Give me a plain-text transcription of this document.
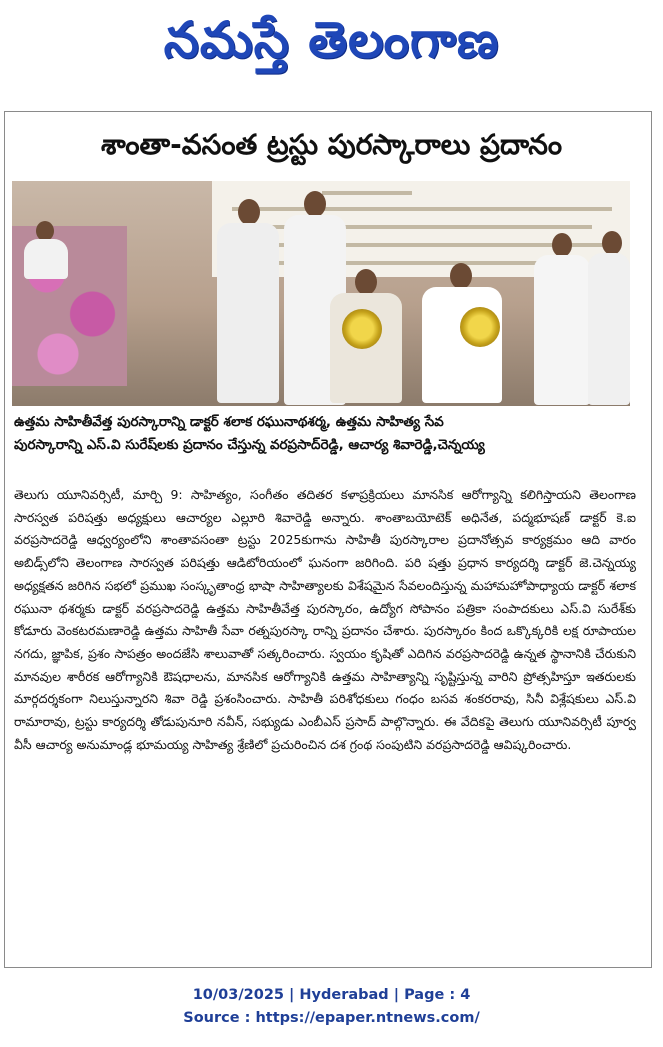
నమస్తే తెలంగాణ
శాంతా-వసంత ట్రస్టు పురస్కారాలు ప్రదానం
ఉత్తమ సాహితీవేత్త పురస్కారాన్ని డాక్టర్ శలాక రఘునాథశర్మ, ఉత్తమ సాహిత్య సేవ
పురస్కారాన్ని ఎస్.వి సురేష్‌లకు ప్రదానం చేస్తున్న వరప్రసాద్‌రెడ్డి, ఆచార్య శివారెడ్డి,చెన్నయ్య
తెలుగు యూనివర్సిటీ, మార్చి 9: సాహిత్యం, సంగీతం తదితర కళాప్రక్రియలు మానసిక ఆరోగ్యాన్ని కలిగిస్తాయని తెలంగాణ సారస్వత పరిషత్తు అధ్యక్షులు ఆచార్యల ఎల్లూరి శివారెడ్డి అన్నారు. శాంతాబయోటెక్ అధినేత, పద్మభూషణ్ డాక్టర్ కె.ఐ వరప్రసాదరెడ్డి ఆధ్వర్యంలోని శాంతావసంతా ట్రస్టు 2025కుగాను సాహితీ పురస్కారాల ప్రదానోత్సవ కార్యక్రమం ఆది వారం అబిడ్స్‌లోని తెలంగాణ సారస్వత పరిషత్తు ఆడిటోరియంలో ఘనంగా జరిగింది. పరి షత్తు ప్రధాన కార్యదర్శి డాక్టర్ జె.చెన్నయ్య అధ్యక్షతన జరిగిన సభలో ప్రముఖ సంస్కృతాంధ్ర భాషా సాహిత్యాలకు విశేషమైన సేవలందిస్తున్న మహామహోపాధ్యాయ డాక్టర్ శలాక రఘునా థశర్మకు డాక్టర్ వరప్రసాదరెడ్డి ఉత్తమ సాహితీవేత్త పురస్కారం, ఉద్యోగ సోపానం పత్రికా సంపాదకులు ఎస్.వి సురేశ్‌కు కోడూరు వెంకటరమణారెడ్డి ఉత్తమ సాహితీ సేవా రత్నపురస్కా రాన్ని ప్రదానం చేశారు. పురస్కారం కింద ఒక్కొక్కరికి లక్ష రూపాయల నగదు, జ్ఞాపిక, ప్రశం సాపత్రం అందజేసి శాలువాతో సత్కరించారు. స్వయం కృషితో ఎదిగిన వరప్రసాదరెడ్డి ఉన్నత స్థానానికి చేరుకుని మానవుల శారీరక ఆరోగ్యానికి ఔషధాలను, మానసిక ఆరోగ్యానికి ఉత్తమ సాహిత్యాన్ని సృష్టిస్తున్న వారిని ప్రోత్సహిస్తూ ఇతరులకు మార్గదర్శకంగా నిలుస్తున్నారని శివా రెడ్డి ప్రశంసించారు. సాహితీ పరిశోధకులు గంధం బసవ శంకరరావు, సినీ విశ్లేషకులు ఎస్.వి రామారావు, ట్రస్టు కార్యదర్శి తోడుపునూరి నవీన్, సభ్యుడు ఎంబీఎస్ ప్రసాద్ పాల్గొన్నారు. ఈ వేదికపై తెలుగు యూనివర్సిటీ పూర్వ వీసీ ఆచార్య అనుమాండ్ల భూమయ్య సాహిత్య శ్రేణిలో ప్రచురించిన దశ గ్రంథ సంపుటిని వరప్రసాదరెడ్డి ఆవిష్కరించారు.
10/03/2025 | Hyderabad | Page : 4
Source : https://epaper.ntnews.com/
